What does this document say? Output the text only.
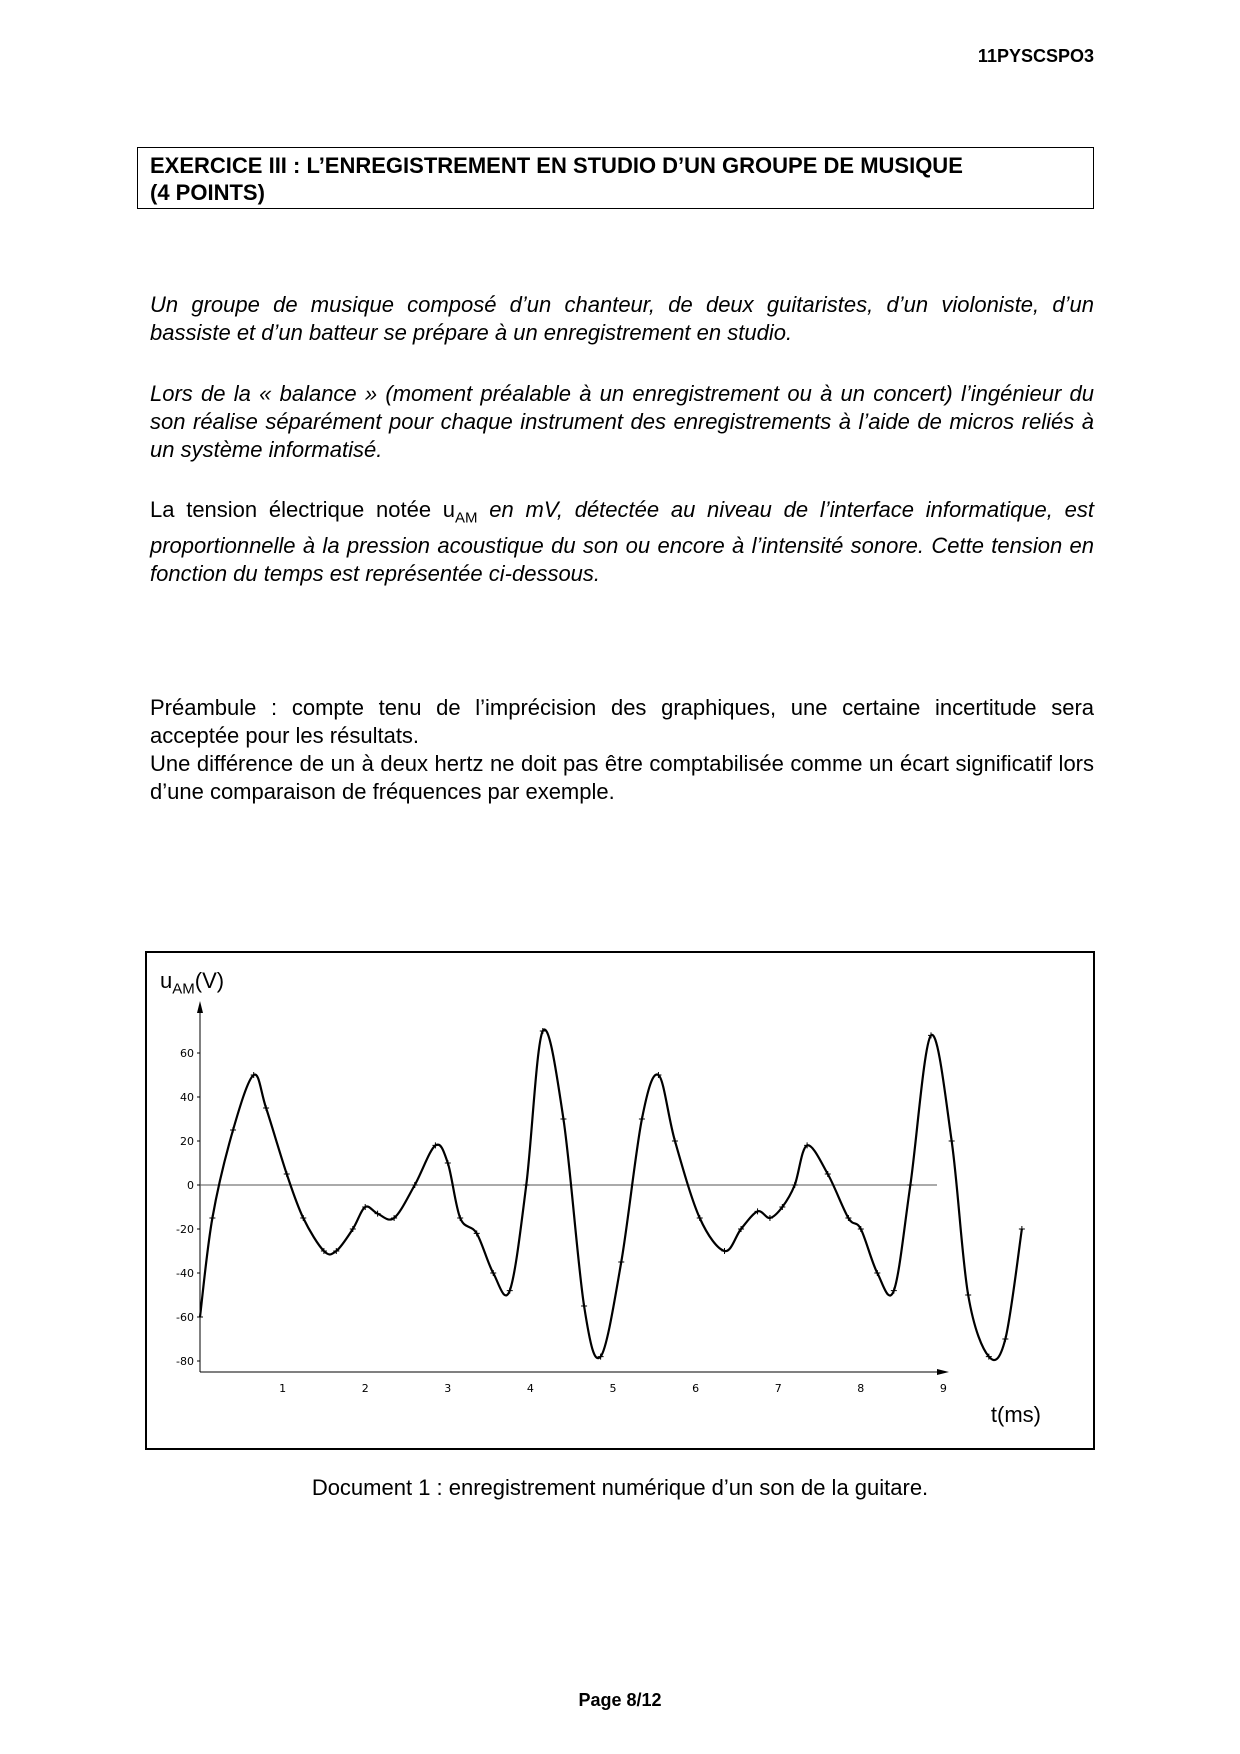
11PYSCSPO3
EXERCICE III : L’ENREGISTREMENT EN STUDIO D’UN GROUPE DE MUSIQUE
(4 POINTS)

Un groupe de musique composé d’un chanteur, de deux guitaristes, d’un violoniste, d’un bassiste et d’un batteur se prépare à un enregistrement en studio.

Lors de la « balance » (moment préalable à un enregistrement ou à un concert) l’ingénieur du son réalise séparément pour chaque instrument des enregistrements à l’aide de micros reliés à un système informatisé.

La tension électrique notée $u_{AM}$ en mV, détectée au niveau de l’interface informatique, est proportionnelle à la pression acoustique du son ou encore à l’intensité sonore. Cette tension en fonction du temps est représentée ci-dessous.

Préambule : compte tenu de l’imprécision des graphiques, une certaine incertitude sera acceptée pour les résultats.

Une différence de un à deux hertz ne doit pas être comptabilisée comme un écart significatif lors d’une comparaison de fréquences par exemple.

$u_{AM}(V)$
60
40
20
0
-20
-40
-60
-80
1	2	3	4	5	6	7	8	9
t(ms)
Document 1 : enregistrement numérique d’un son de la guitare.
Page 8/12
